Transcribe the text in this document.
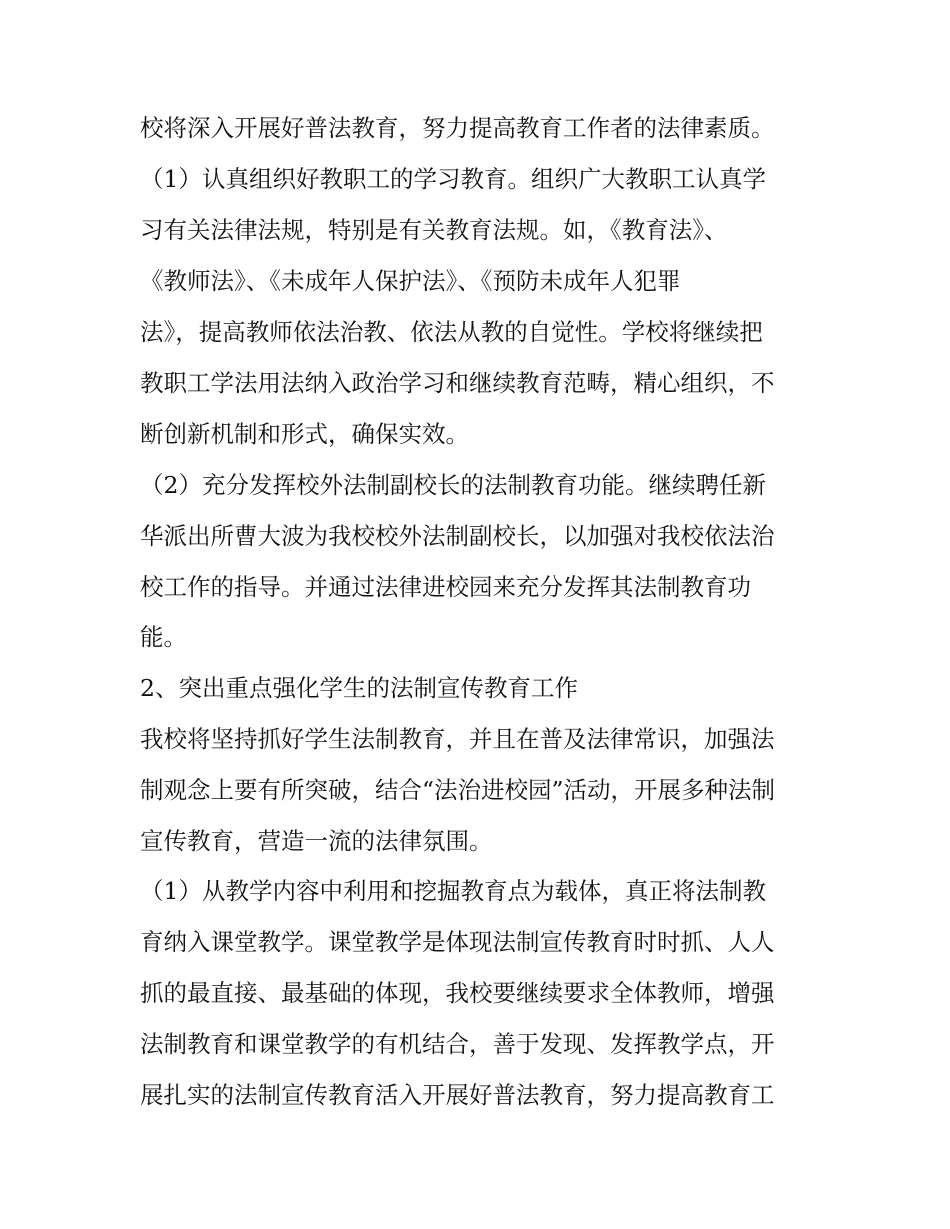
校将深入开展好普法教育，努力提高教育工作者的法律素质。
（1）认真组织好教职工的学习教育。组织广大教职工认真学
习有关法律法规，特别是有关教育法规。如，《教育法》、
《教师法》、《未成年人保护法》、《预防未成年人犯罪
法》，提高教师依法治教、依法从教的自觉性。学校将继续把
教职工学法用法纳入政治学习和继续教育范畴，精心组织，不
断创新机制和形式，确保实效。
（2）充分发挥校外法制副校长的法制教育功能。继续聘任新
华派出所曹大波为我校校外法制副校长，以加强对我校依法治
校工作的指导。并通过法律进校园来充分发挥其法制教育功
能。
2、突出重点强化学生的法制宣传教育工作
我校将坚持抓好学生法制教育，并且在普及法律常识，加强法
制观念上要有所突破，结合“法治进校园”活动，开展多种法制
宣传教育，营造一流的法律氛围。
（1）从教学内容中利用和挖掘教育点为载体，真正将法制教
育纳入课堂教学。课堂教学是体现法制宣传教育时时抓、人人
抓的最直接、最基础的体现，我校要继续要求全体教师，增强
法制教育和课堂教学的有机结合，善于发现、发挥教学点，开
展扎实的法制宣传教育活入开展好普法教育，努力提高教育工
